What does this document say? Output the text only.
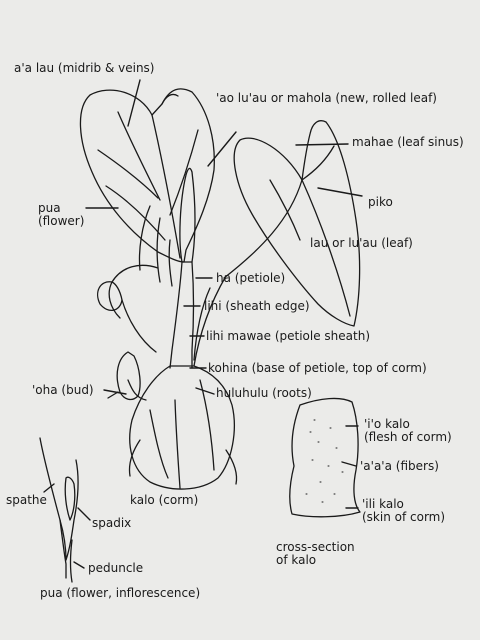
a'a lau (midrib & veins)
'ao lu'au or mahola (new, rolled leaf)
mahae (leaf sinus)
pua
(flower)
piko
lau or lu'au (leaf)
ha (petiole)
lihi (sheath edge)
lihi mawae (petiole sheath)
kohina (base of petiole, top of corm)
'oha (bud)	huluhulu (roots)
'i'o kalo
(flesh of corm)
'a'a'a (fibers)
'ili kalo
(skin of corm)
spathe
spadix
kalo (corm)
cross-section
of kalo
peduncle
pua (flower, inflorescence)
